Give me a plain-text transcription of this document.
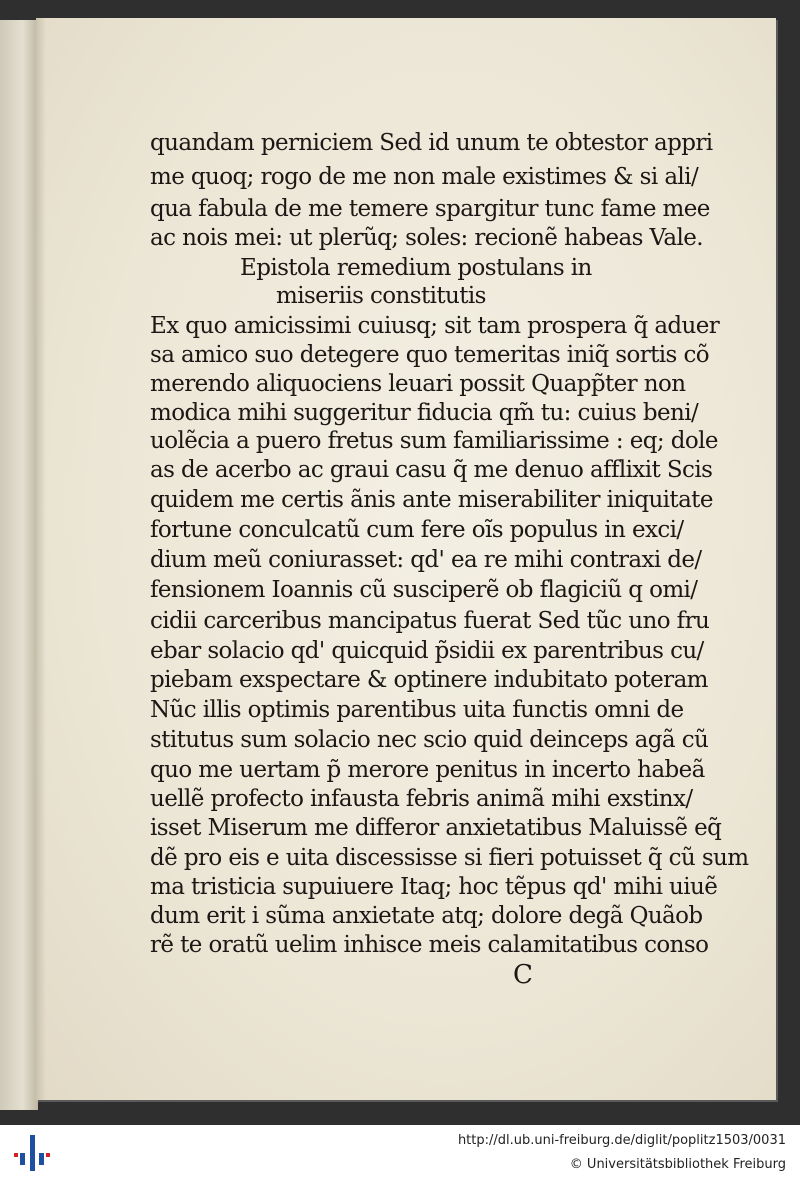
quandam perniciem Sed id unum te obtestor appri
me quoq; rogo de me non male existimes & si ali/
qua fabula de me temere spargitur tunc fame mee
ac nois mei: ut plerũq; soles: recionẽ habeas Vale.
Epistola remedium postulans in
miseriis constitutis
Ex quo amicissimi cuiusq; sit tam prospera q̃ aduer
sa amico suo detegere quo temeritas iniq̃ sortis cõ
merendo aliquociens leuari possit Quapp̃ter non
modica mihi suggeritur fiducia qm̃ tu: cuius beni/
uolẽcia a puero fretus sum familiarissime : eq; dole
as de acerbo ac graui casu q̃ me denuo afflixit Scis
quidem me certis ãnis ante miserabiliter iniquitate
fortune conculcatũ cum fere oĩs populus in exci/
dium meũ coniurasset: qd' ea re mihi contraxi de/
fensionem Ioannis cũ susciperẽ ob flagiciũ q omi/
cidii carceribus mancipatus fuerat Sed tũc uno fru
ebar solacio qd' quicquid p̃sidii ex parentribus cu/
piebam exspectare & optinere indubitato poteram
Nũc illis optimis parentibus uita functis omni de
stitutus sum solacio nec scio quid deinceps agã cũ
quo me uertam p̃ merore penitus in incerto habeã
uellẽ profecto infausta febris animã mihi exstinx/
isset Miserum me differor anxietatibus Maluissẽ eq̃
dẽ pro eis e uita discessisse si fieri potuisset q̃ cũ sum
ma tristicia supuiuere Itaq; hoc tẽpus qd' mihi uiuẽ
dum erit i sũma anxietate atq; dolore degã Quãob
rẽ te oratũ uelim inhisce meis calamitatibus conso
C
http://dl.ub.uni-freiburg.de/diglit/poplitz1503/0031
© Universitätsbibliothek Freiburg
